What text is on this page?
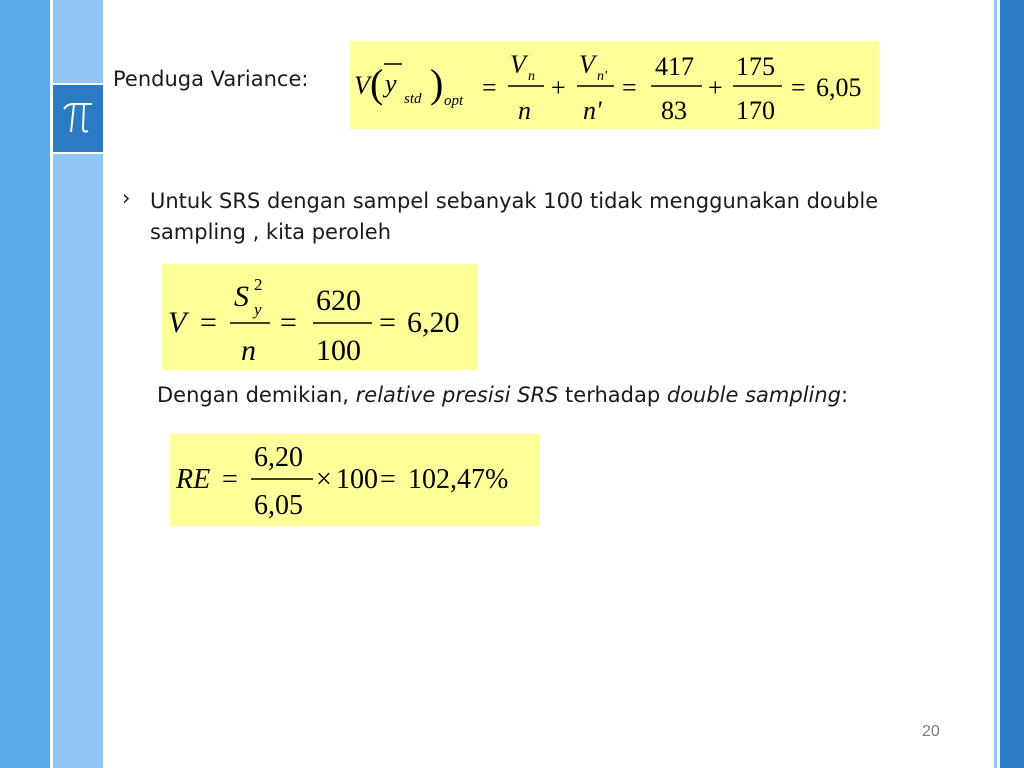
Penduga Variance: V ( y
std ) opt =
V n
n
+
V n'
n'
=
417
83
+
175
170
= 6,05
› Untuk SRS dengan sampel sebanyak 100 tidak menggunakan double
sampling , kita peroleh
V =
S 2
y
n
=
620
100
= 6,20
Dengan demikian, relative presisi SRS terhadap double sampling:
RE =
6,20
6,05
× 100 = 102,47%
20
